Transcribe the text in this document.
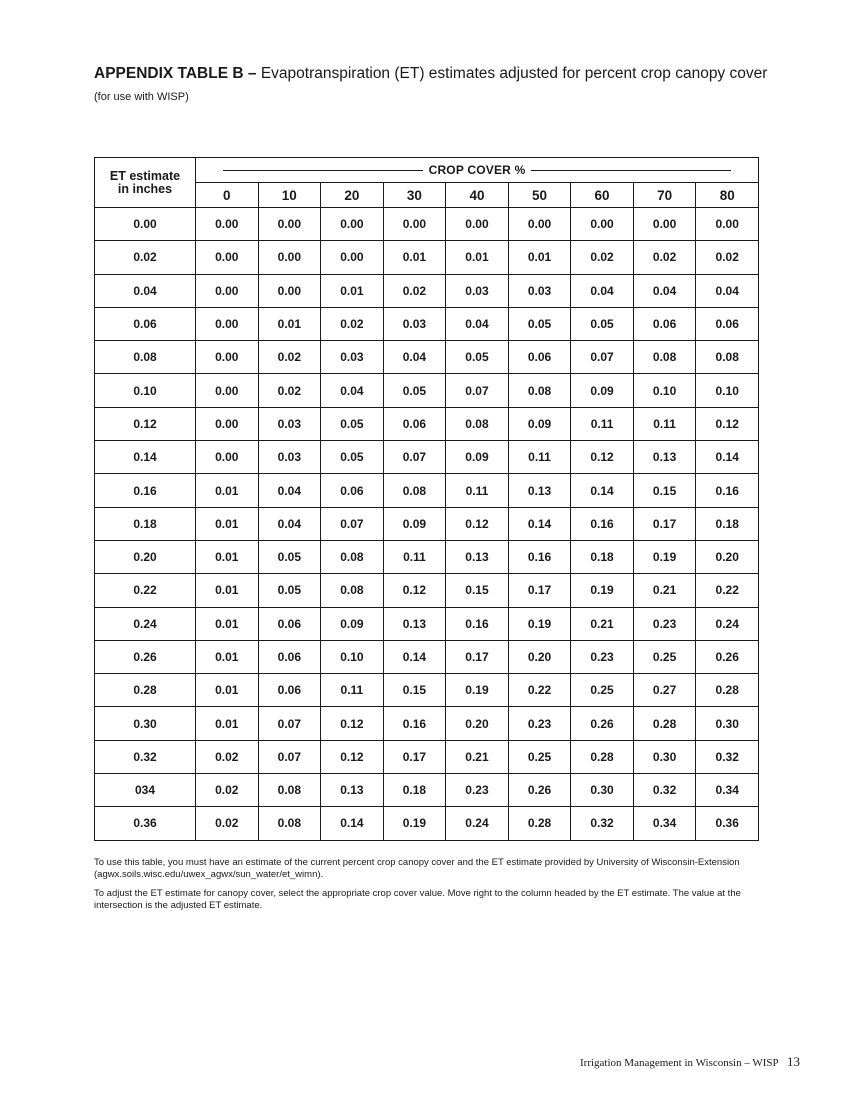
APPENDIX TABLE B – Evapotranspiration (ET) estimates adjusted for percent crop canopy cover
(for use with WISP)
ET estimate
in inches	CROP COVER %								
	0	10	20	30	40	50	60	70	80
0.00	0.00	0.00	0.00	0.00	0.00	0.00	0.00	0.00	0.00
0.02	0.00	0.00	0.00	0.01	0.01	0.01	0.02	0.02	0.02
0.04	0.00	0.00	0.01	0.02	0.03	0.03	0.04	0.04	0.04
0.06	0.00	0.01	0.02	0.03	0.04	0.05	0.05	0.06	0.06
0.08	0.00	0.02	0.03	0.04	0.05	0.06	0.07	0.08	0.08
0.10	0.00	0.02	0.04	0.05	0.07	0.08	0.09	0.10	0.10
0.12	0.00	0.03	0.05	0.06	0.08	0.09	0.11	0.11	0.12
0.14	0.00	0.03	0.05	0.07	0.09	0.11	0.12	0.13	0.14
0.16	0.01	0.04	0.06	0.08	0.11	0.13	0.14	0.15	0.16
0.18	0.01	0.04	0.07	0.09	0.12	0.14	0.16	0.17	0.18
0.20	0.01	0.05	0.08	0.11	0.13	0.16	0.18	0.19	0.20
0.22	0.01	0.05	0.08	0.12	0.15	0.17	0.19	0.21	0.22
0.24	0.01	0.06	0.09	0.13	0.16	0.19	0.21	0.23	0.24
0.26	0.01	0.06	0.10	0.14	0.17	0.20	0.23	0.25	0.26
0.28	0.01	0.06	0.11	0.15	0.19	0.22	0.25	0.27	0.28
0.30	0.01	0.07	0.12	0.16	0.20	0.23	0.26	0.28	0.30
0.32	0.02	0.07	0.12	0.17	0.21	0.25	0.28	0.30	0.32
034	0.02	0.08	0.13	0.18	0.23	0.26	0.30	0.32	0.34
0.36	0.02	0.08	0.14	0.19	0.24	0.28	0.32	0.34	0.36

To use this table, you must have an estimate of the current percent crop canopy cover and the ET estimate provided by University of Wisconsin-Extension (agwx.soils.wisc.edu/uwex_agwx/sun_water/et_wimn).

To adjust the ET estimate for canopy cover, select the appropriate crop cover value. Move right to the column headed by the ET estimate. The value at the intersection is the adjusted ET estimate.

Irrigation Management in Wisconsin – WISP 13
